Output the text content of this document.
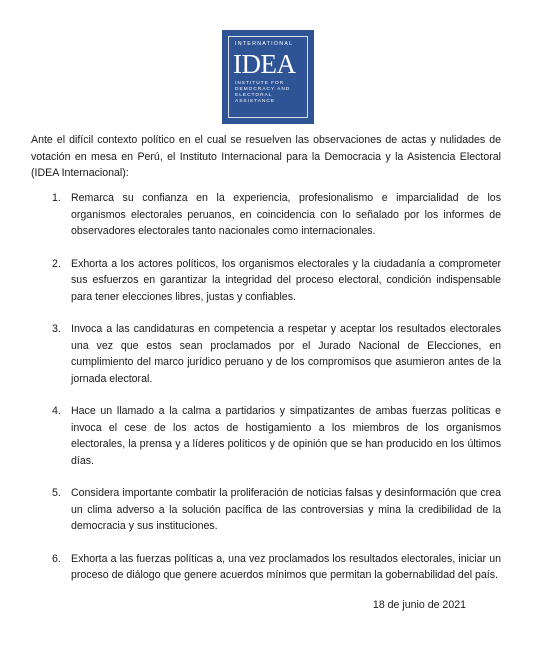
INTERNATIONAL
IDEA
INSTITUTE FOR DEMOCRACY AND ELECTORAL ASSISTANCE
Ante el difícil contexto político en el cual se resuelven las observaciones de actas y nulidades de votación en mesa en Perú, el Instituto Internacional para la Democracia y la Asistencia Electoral (IDEA Internacional):
1. Remarca su confianza en la experiencia, profesionalismo e imparcialidad de los organismos electorales peruanos, en coincidencia con lo señalado por los informes de observadores electorales tanto nacionales como internacionales.
2. Exhorta a los actores políticos, los organismos electorales y la ciudadanía a comprometer sus esfuerzos en garantizar la integridad del proceso electoral, condición indispensable para tener elecciones libres, justas y confiables.
3. Invoca a las candidaturas en competencia a respetar y aceptar los resultados electorales una vez que estos sean proclamados por el Jurado Nacional de Elecciones, en cumplimiento del marco jurídico peruano y de los compromisos que asumieron antes de la jornada electoral.
4. Hace un llamado a la calma a partidarios y simpatizantes de ambas fuerzas políticas e invoca el cese de los actos de hostigamiento a los miembros de los organismos electorales, la prensa y a líderes políticos y de opinión que se han producido en los últimos días.
5. Considera importante combatir la proliferación de noticias falsas y desinformación que crea un clima adverso a la solución pacífica de las controversias y mina la credibilidad de la democracia y sus instituciones.
6. Exhorta a las fuerzas políticas a, una vez proclamados los resultados electorales, iniciar un proceso de diálogo que genere acuerdos mínimos que permitan la gobernabilidad del país.
18 de junio de 2021
